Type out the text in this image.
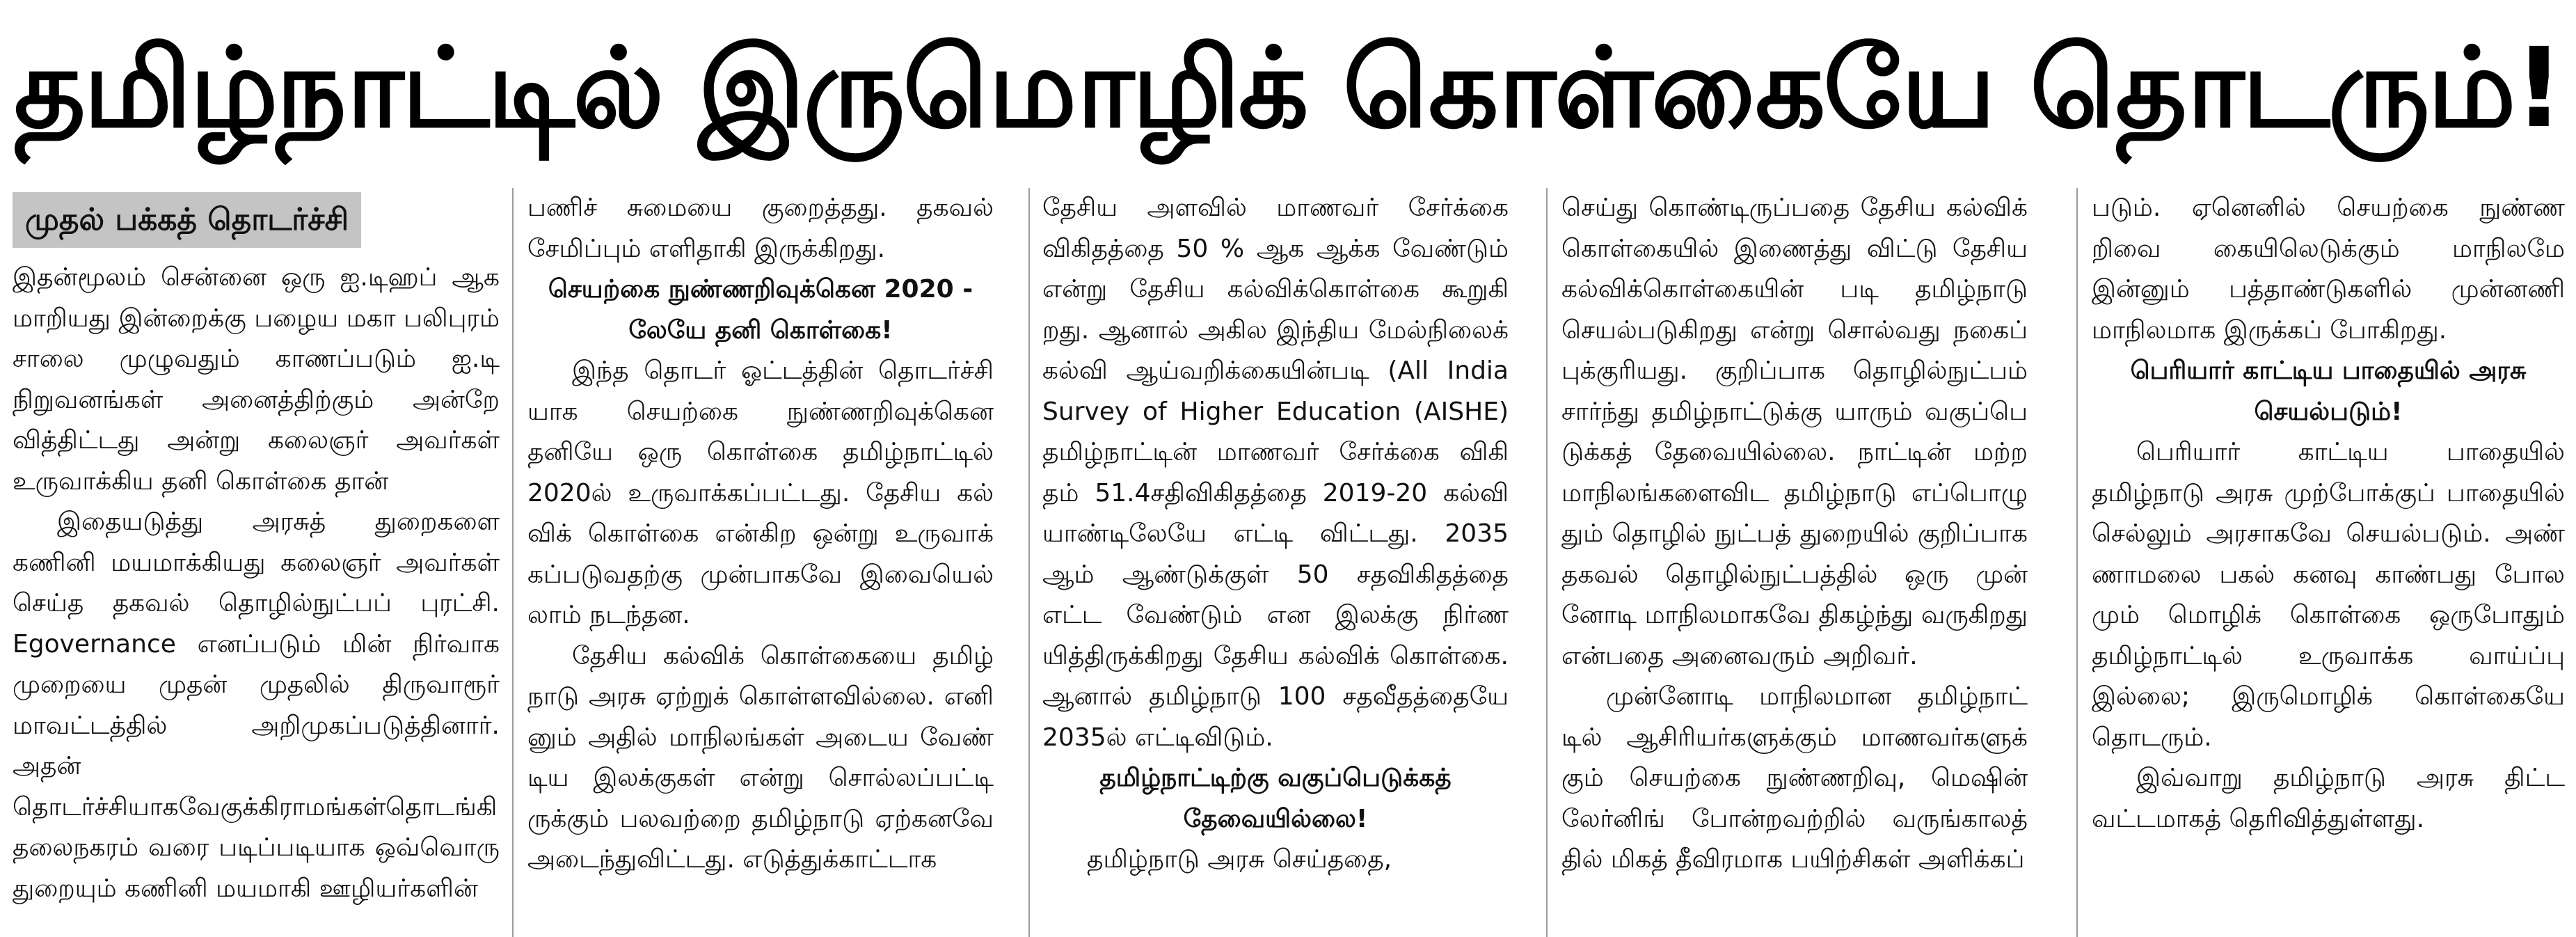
தமிழ்நாட்டில் இருமொழிக் கொள்கையே தொடரும்!
முதல் பக்கத் தொடர்ச்சி

இதன்மூலம் சென்னை ஒரு ஐ.டிஹப் ஆக மாறியது இன்றைக்கு பழைய மகா பலிபுரம் சாலை முழுவதும் காணப்படும் ஐ.டி நிறுவனங்கள் அனைத்திற்கும் அன்றே வித்திட்டது அன்று கலைஞர் அவர்கள் உருவாக்கிய தனி கொள்கை தான்

இதையடுத்து அரசுத் துறைகளை கணினி மயமாக்கியது கலைஞர் அவர்கள் செய்த தகவல் தொழில்நுட்பப் புரட்சி. Egovernance எனப்படும் மின் நிர்வாக முறையை முதன் முதலில் திருவாரூர் மாவட்டத்தில் அறிமுகப்படுத்தினார். அதன் தொடர்ச்சியாகவேகுக்கிராமங்கள்தொடங்கி தலைநகரம் வரை படிப்படியாக ஒவ்வொரு துறையும் கணினி மயமாகி ஊழியர்களின்

பணிச் சுமையை குறைத்தது. தகவல் சேமிப்பும் எளிதாகி இருக்கிறது.

செயற்கை நுண்ணறிவுக்கென 2020 - லேயே தனி கொள்கை!

இந்த தொடர் ஓட்டத்தின் தொடர்ச்சி யாக செயற்கை நுண்ணறிவுக்கென தனியே ஒரு கொள்கை தமிழ்நாட்டில் 2020ல் உருவாக்கப்பட்டது. தேசிய கல் விக் கொள்கை என்கிற ஒன்று உருவாக் கப்படுவதற்கு முன்பாகவே இவையெல் லாம் நடந்தன.

தேசிய கல்விக் கொள்கையை தமிழ் நாடு அரசு ஏற்றுக் கொள்ளவில்லை. எனி னும் அதில் மாநிலங்கள் அடைய வேண் டிய இலக்குகள் என்று சொல்லப்பட்டி ருக்கும் பலவற்றை தமிழ்நாடு ஏற்கனவே அடைந்துவிட்டது. எடுத்துக்காட்டாக

தேசிய அளவில் மாணவர் சேர்க்கை விகிதத்தை 50 % ஆக ஆக்க வேண்டும் என்று தேசிய கல்விக்கொள்கை கூறுகி றது. ஆனால் அகில இந்திய மேல்நிலைக் கல்வி ஆய்வறிக்கையின்படி (All India Survey of Higher Education (AISHE) தமிழ்நாட்டின் மாணவர் சேர்க்கை விகி தம் 51.4சதிவிகிதத்தை 2019-20 கல்வி யாண்டிலேயே எட்டி விட்டது. 2035 ஆம் ஆண்டுக்குள் 50 சதவிகிதத்தை எட்ட வேண்டும் என இலக்கு நிர்ண யித்திருக்கிறது தேசிய கல்விக் கொள்கை. ஆனால் தமிழ்நாடு 100 சதவீதத்தையே 2035ல் எட்டிவிடும்.

தமிழ்நாட்டிற்கு வகுப்பெடுக்கத் தேவையில்லை!

தமிழ்நாடு அரசு செய்ததை,

செய்து கொண்டிருப்பதை தேசிய கல்விக் கொள்கையில் இணைத்து விட்டு தேசிய கல்விக்கொள்கையின் படி தமிழ்நாடு செயல்படுகிறது என்று சொல்வது நகைப் புக்குரியது. குறிப்பாக தொழில்நுட்பம் சார்ந்து தமிழ்நாட்டுக்கு யாரும் வகுப்பெ டுக்கத் தேவையில்லை. நாட்டின் மற்ற மாநிலங்களைவிட தமிழ்நாடு எப்பொழு தும் தொழில் நுட்பத் துறையில் குறிப்பாக தகவல் தொழில்நுட்பத்தில் ஒரு முன் னோடி மாநிலமாகவே திகழ்ந்து வருகிறது என்பதை அனைவரும் அறிவர்.

முன்னோடி மாநிலமான தமிழ்நாட் டில் ஆசிரியர்களுக்கும் மாணவர்களுக் கும் செயற்கை நுண்ணறிவு, மெஷின் லேர்னிங் போன்றவற்றில் வருங்காலத் தில் மிகத் தீவிரமாக பயிற்சிகள் அளிக்கப்

படும். ஏனெனில் செயற்கை நுண்ண றிவை கையிலெடுக்கும் மாநிலமே இன்னும் பத்தாண்டுகளில் முன்னணி மாநிலமாக இருக்கப் போகிறது.

பெரியார் காட்டிய பாதையில் அரசு செயல்படும்!

பெரியார் காட்டிய பாதையில் தமிழ்நாடு அரசு முற்போக்குப் பாதையில் செல்லும் அரசாகவே செயல்படும். அண் ணாமலை பகல் கனவு காண்பது போல மும் மொழிக் கொள்கை ஒருபோதும் தமிழ்நாட்டில் உருவாக்க வாய்ப்பு இல்லை; இருமொழிக் கொள்கையே தொடரும்.

இவ்வாறு தமிழ்நாடு அரசு திட்ட வட்டமாகத் தெரிவித்துள்ளது.
